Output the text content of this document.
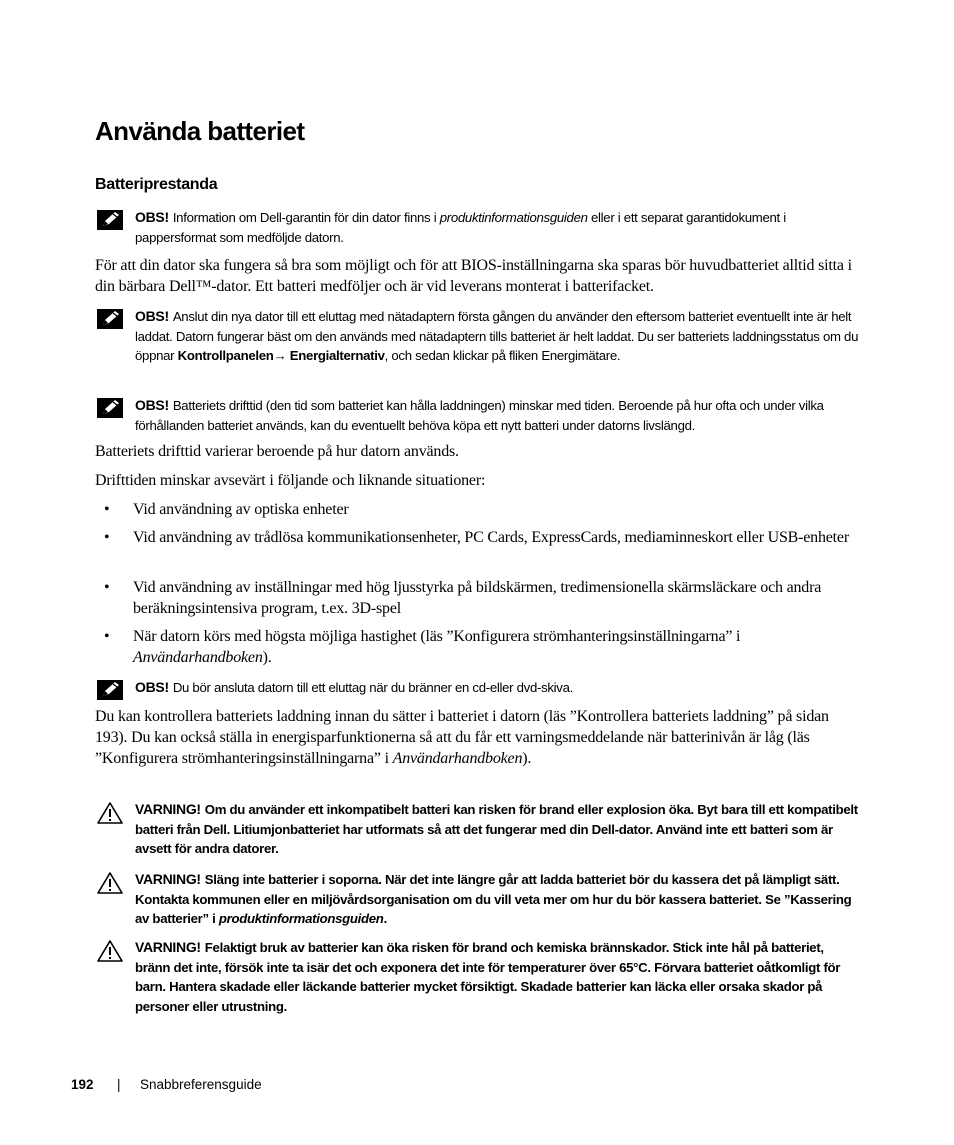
Använda batteriet
Batteriprestanda
OBS! Information om Dell-garantin för din dator finns i produktinformationsguiden eller i ett separat garantidokument i pappersformat som medföljde datorn.
För att din dator ska fungera så bra som möjligt och för att BIOS-inställningarna ska sparas bör huvudbatteriet alltid sitta i din bärbara Dell™-dator. Ett batteri medföljer och är vid leverans monterat i batterifacket.
OBS! Anslut din nya dator till ett eluttag med nätadaptern första gången du använder den eftersom batteriet eventuellt inte är helt laddat. Datorn fungerar bäst om den används med nätadaptern tills batteriet är helt laddat. Du ser batteriets laddningsstatus om du öppnar Kontrollpanelen→ Energialternativ, och sedan klickar på fliken Energimätare.
OBS! Batteriets drifttid (den tid som batteriet kan hålla laddningen) minskar med tiden. Beroende på hur ofta och under vilka förhållanden batteriet används, kan du eventuellt behöva köpa ett nytt batteri under datorns livslängd.
Batteriets drifttid varierar beroende på hur datorn används.
Drifttiden minskar avsevärt i följande och liknande situationer:
• Vid användning av optiska enheter
• Vid användning av trådlösa kommunikationsenheter, PC Cards, ExpressCards, mediaminneskort eller USB-enheter
• Vid användning av inställningar med hög ljusstyrka på bildskärmen, tredimensionella skärmsläckare och andra beräkningsintensiva program, t.ex. 3D-spel
• När datorn körs med högsta möjliga hastighet (läs ”Konfigurera strömhanteringsinställningarna” i Användarhandboken).
OBS! Du bör ansluta datorn till ett eluttag när du bränner en cd-eller dvd-skiva.
Du kan kontrollera batteriets laddning innan du sätter i batteriet i datorn (läs ”Kontrollera batteriets laddning” på sidan 193). Du kan också ställa in energisparfunktionerna så att du får ett varningsmeddelande när batterinivån är låg (läs ”Konfigurera strömhanteringsinställningarna” i Användarhandboken).
VARNING! Om du använder ett inkompatibelt batteri kan risken för brand eller explosion öka. Byt bara till ett kompatibelt batteri från Dell. Litiumjonbatteriet har utformats så att det fungerar med din Dell-dator. Använd inte ett batteri som är avsett för andra datorer.
VARNING! Släng inte batterier i soporna. När det inte längre går att ladda batteriet bör du kassera det på lämpligt sätt. Kontakta kommunen eller en miljövårdsorganisation om du vill veta mer om hur du bör kassera batteriet. Se ”Kassering av batterier” i produktinformationsguiden.
VARNING! Felaktigt bruk av batterier kan öka risken för brand och kemiska brännskador. Stick inte hål på batteriet, bränn det inte, försök inte ta isär det och exponera det inte för temperaturer över 65°C. Förvara batteriet oåtkomligt för barn. Hantera skadade eller läckande batterier mycket försiktigt. Skadade batterier kan läcka eller orsaka skador på personer eller utrustning.
192 | Snabbreferensguide
